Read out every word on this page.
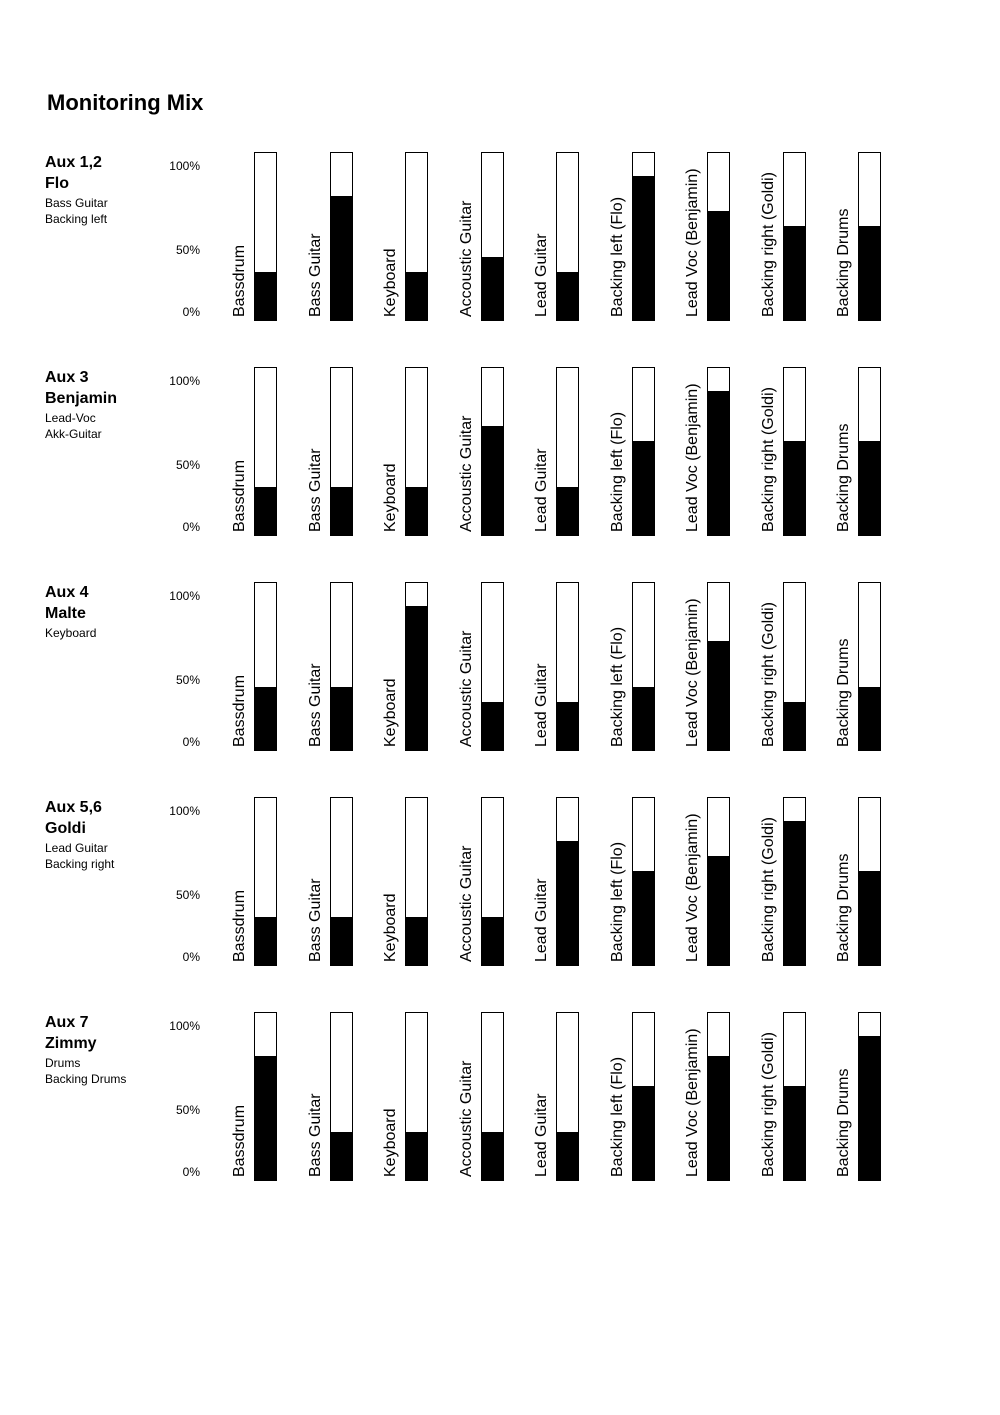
Monitoring Mix
Aux 1,2
Flo
Bass Guitar
Backing left
100%
50%
0% Bassdrum	Bass Guitar	Keyboard	Accoustic Guitar	Lead Guitar	Backing left (Flo)	Lead Voc (Benjamin)	Backing right (Goldi)	Backing Drums
Aux 3
Benjamin
Lead-Voc
Akk-Guitar
100%
50%
0% Bassdrum	Bass Guitar	Keyboard	Accoustic Guitar	Lead Guitar	Backing left (Flo)	Lead Voc (Benjamin)	Backing right (Goldi)	Backing Drums
Aux 4
Malte
Keyboard
100%
50%
0% Bassdrum	Bass Guitar	Keyboard	Accoustic Guitar	Lead Guitar	Backing left (Flo)	Lead Voc (Benjamin)	Backing right (Goldi)	Backing Drums
Aux 5,6
Goldi
Lead Guitar
Backing right
100%
50%
0% Bassdrum	Bass Guitar	Keyboard	Accoustic Guitar	Lead Guitar	Backing left (Flo)	Lead Voc (Benjamin)	Backing right (Goldi)	Backing Drums
Aux 7
Zimmy
Drums
Backing Drums
100%
50%
0% Bassdrum	Bass Guitar	Keyboard	Accoustic Guitar	Lead Guitar	Backing left (Flo)	Lead Voc (Benjamin)	Backing right (Goldi)	Backing Drums
